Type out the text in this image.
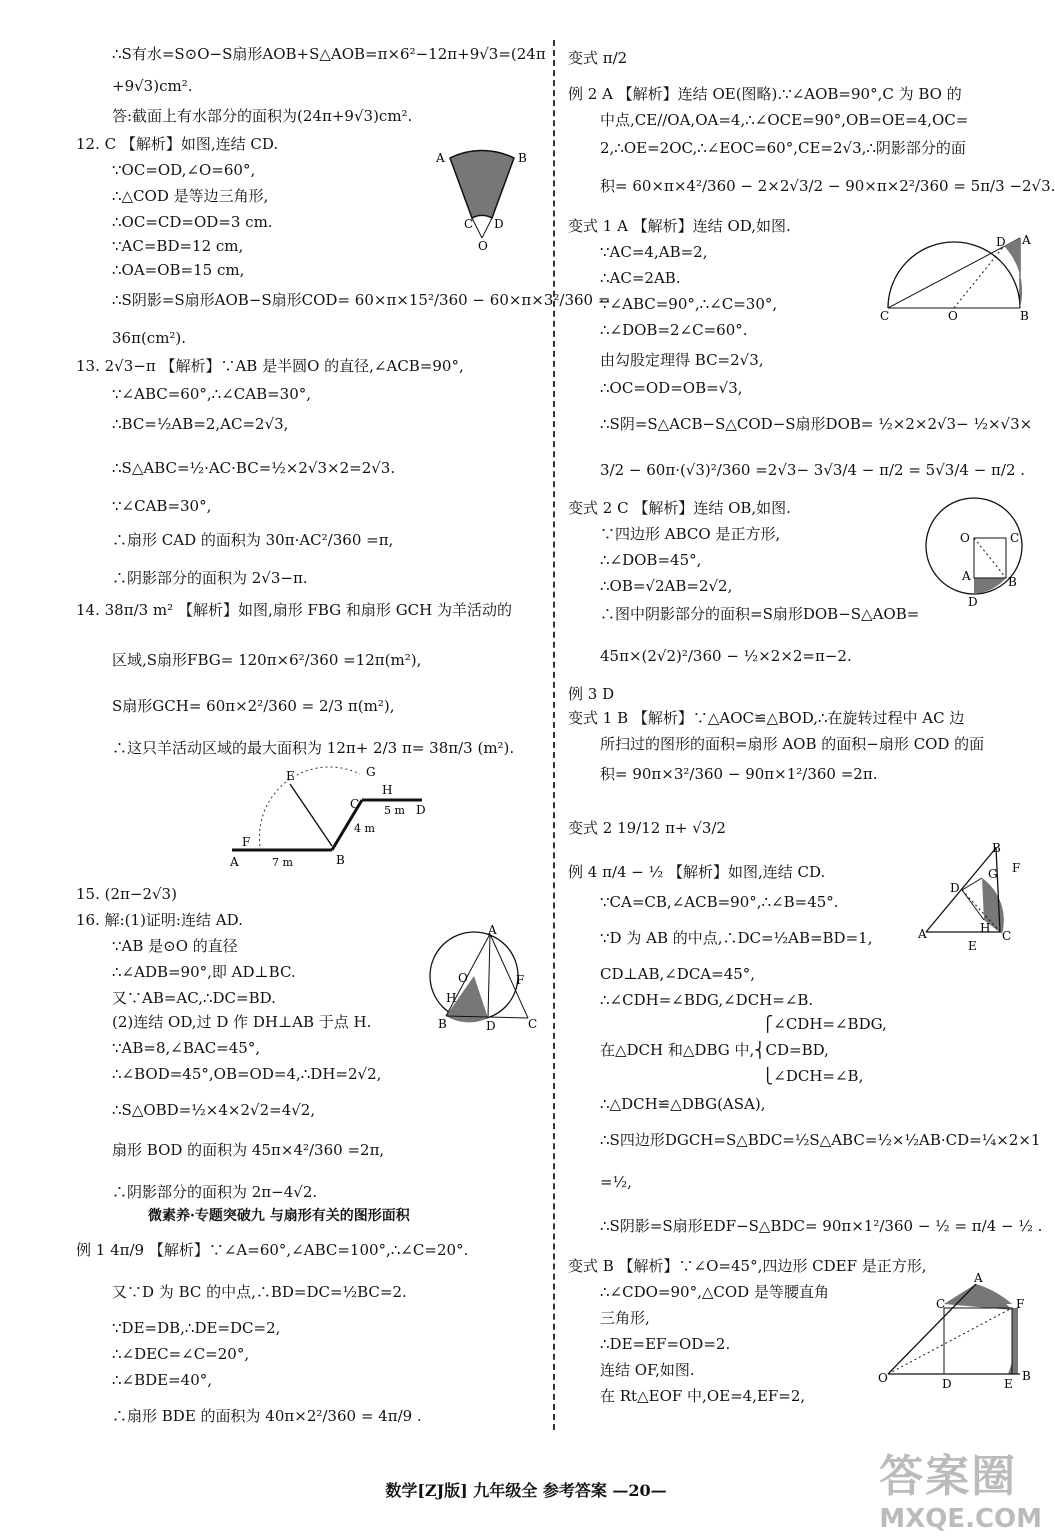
∴S有水=S⊙O−S扇形AOB+S△AOB=π×6²−12π+9√3=(24π
+9√3)cm².
答:截面上有水部分的面积为(24π+9√3)cm².
12. C 【解析】如图,连结 CD.
∵OC=OD,∠O=60°,
∴△COD 是等边三角形,
∴OC=CD=OD=3 cm.
∵AC=BD=12 cm,
∴OA=OB=15 cm,
∴S阴影=S扇形AOB−S扇形COD= 60×π×15²/360 − 60×π×3²/360 =
36π(cm²).
13. 2√3−π 【解析】∵AB 是半圆O 的直径,∠ACB=90°,
∵∠ABC=60°,∴∠CAB=30°,
∴BC=½AB=2,AC=2√3,
∴S△ABC=½·AC·BC=½×2√3×2=2√3.
∵∠CAB=30°,
∴扇形 CAD 的面积为 30π·AC²/360 =π,
∴阴影部分的面积为 2√3−π.
14. 38π/3 m² 【解析】如图,扇形 FBG 和扇形 GCH 为羊活动的
区域,S扇形FBG= 120π×6²/360 =12π(m²),
S扇形GCH= 60π×2²/360 = 2/3 π(m²),
∴这只羊活动区域的最大面积为 12π+ 2/3 π= 38π/3 (m²).
15. (2π−2√3)
16. 解:(1)证明:连结 AD.
∵AB 是⊙O 的直径
∴∠ADB=90°,即 AD⊥BC.
又∵AB=AC,∴DC=BD.
(2)连结 OD,过 D 作 DH⊥AB 于点 H.
∵AB=8,∠BAC=45°,
∴∠BOD=45°,OB=OD=4,∴DH=2√2,
∴S△OBD=½×4×2√2=4√2,
扇形 BOD 的面积为 45π×4²/360 =2π,
∴阴影部分的面积为 2π−4√2.
例 1 4π/9 【解析】∵∠A=60°,∠ABC=100°,∴∠C=20°.
又∵D 为 BC 的中点,∴BD=DC=½BC=2.
∵DE=DB,∴DE=DC=2,
∴∠DEC=∠C=20°,
∴∠BDE=40°,
∴扇形 BDE 的面积为 40π×2²/360 = 4π/9 .
变式 π/2
例 2 A 【解析】连结 OE(图略).∵∠AOB=90°,C 为 BO 的
中点,CE//OA,OA=4,∴∠OCE=90°,OB=OE=4,OC=
2,∴OE=2OC,∴∠EOC=60°,CE=2√3,∴阴影部分的面
积= 60×π×4²/360 − 2×2√3/2 − 90×π×2²/360 = 5π/3 −2√3.
变式 1 A 【解析】连结 OD,如图.
∵AC=4,AB=2,
∴AC=2AB.
∵∠ABC=90°,∴∠C=30°,
∴∠DOB=2∠C=60°.
由勾股定理得 BC=2√3,
∴OC=OD=OB=√3,
∴S阴=S△ACB−S△COD−S扇形DOB= ½×2×2√3− ½×√3×
3/2 − 60π·(√3)²/360 =2√3− 3√3/4 − π/2 = 5√3/4 − π/2 .
变式 2 C 【解析】连结 OB,如图.
∵四边形 ABCO 是正方形,
∴∠DOB=45°,
∴OB=√2AB=2√2,
∴图中阴影部分的面积=S扇形DOB−S△AOB=
45π×(2√2)²/360 − ½×2×2=π−2.
例 3 D
变式 1 B 【解析】∵△AOC≌△BOD,∴在旋转过程中 AC 边
所扫过的图形的面积=扇形 AOB 的面积−扇形 COD 的面
积= 90π×3²/360 − 90π×1²/360 =2π.
变式 2 19/12 π+ √3/2
例 4 π/4 − ½ 【解析】如图,连结 CD.
∵CA=CB,∠ACB=90°,∴∠B=45°.
∵D 为 AB 的中点,∴DC=½AB=BD=1,
CD⊥AB,∠DCA=45°,
∴∠CDH=∠BDG,∠DCH=∠B.
⎧∠CDH=∠BDG,
在△DCH 和△DBG 中,⎨CD=BD,
⎩∠DCH=∠B,
∴△DCH≌△DBG(ASA),
∴S四边形DGCH=S△BDC=½S△ABC=½×½AB·CD=¼×2×1
=½,
∴S阴影=S扇形EDF−S△BDC= 90π×1²/360 − ½ = π/4 − ½ .
变式 B 【解析】∵∠O=45°,四边形 CDEF 是正方形,
∴∠CDO=90°,△COD 是等腰直角
三角形,
∴DE=EF=OD=2.
连结 OF,如图.
在 Rt△EOF 中,OE=4,EF=2,
微素养·专题突破九 与扇形有关的图形面积
A	B
C D
O
E	G
H
F
A	B
C	D
7 m
4 m
5 m
A
O	F
H
B	D	C
D A
C	O	B
O	C
A	B
D
B
F
G
D
A	H
C
E
A
C	F
O	D	E
B
数学[ZJ版] 九年级全 参考答案 —20—	答案圈
MXQE.COM
